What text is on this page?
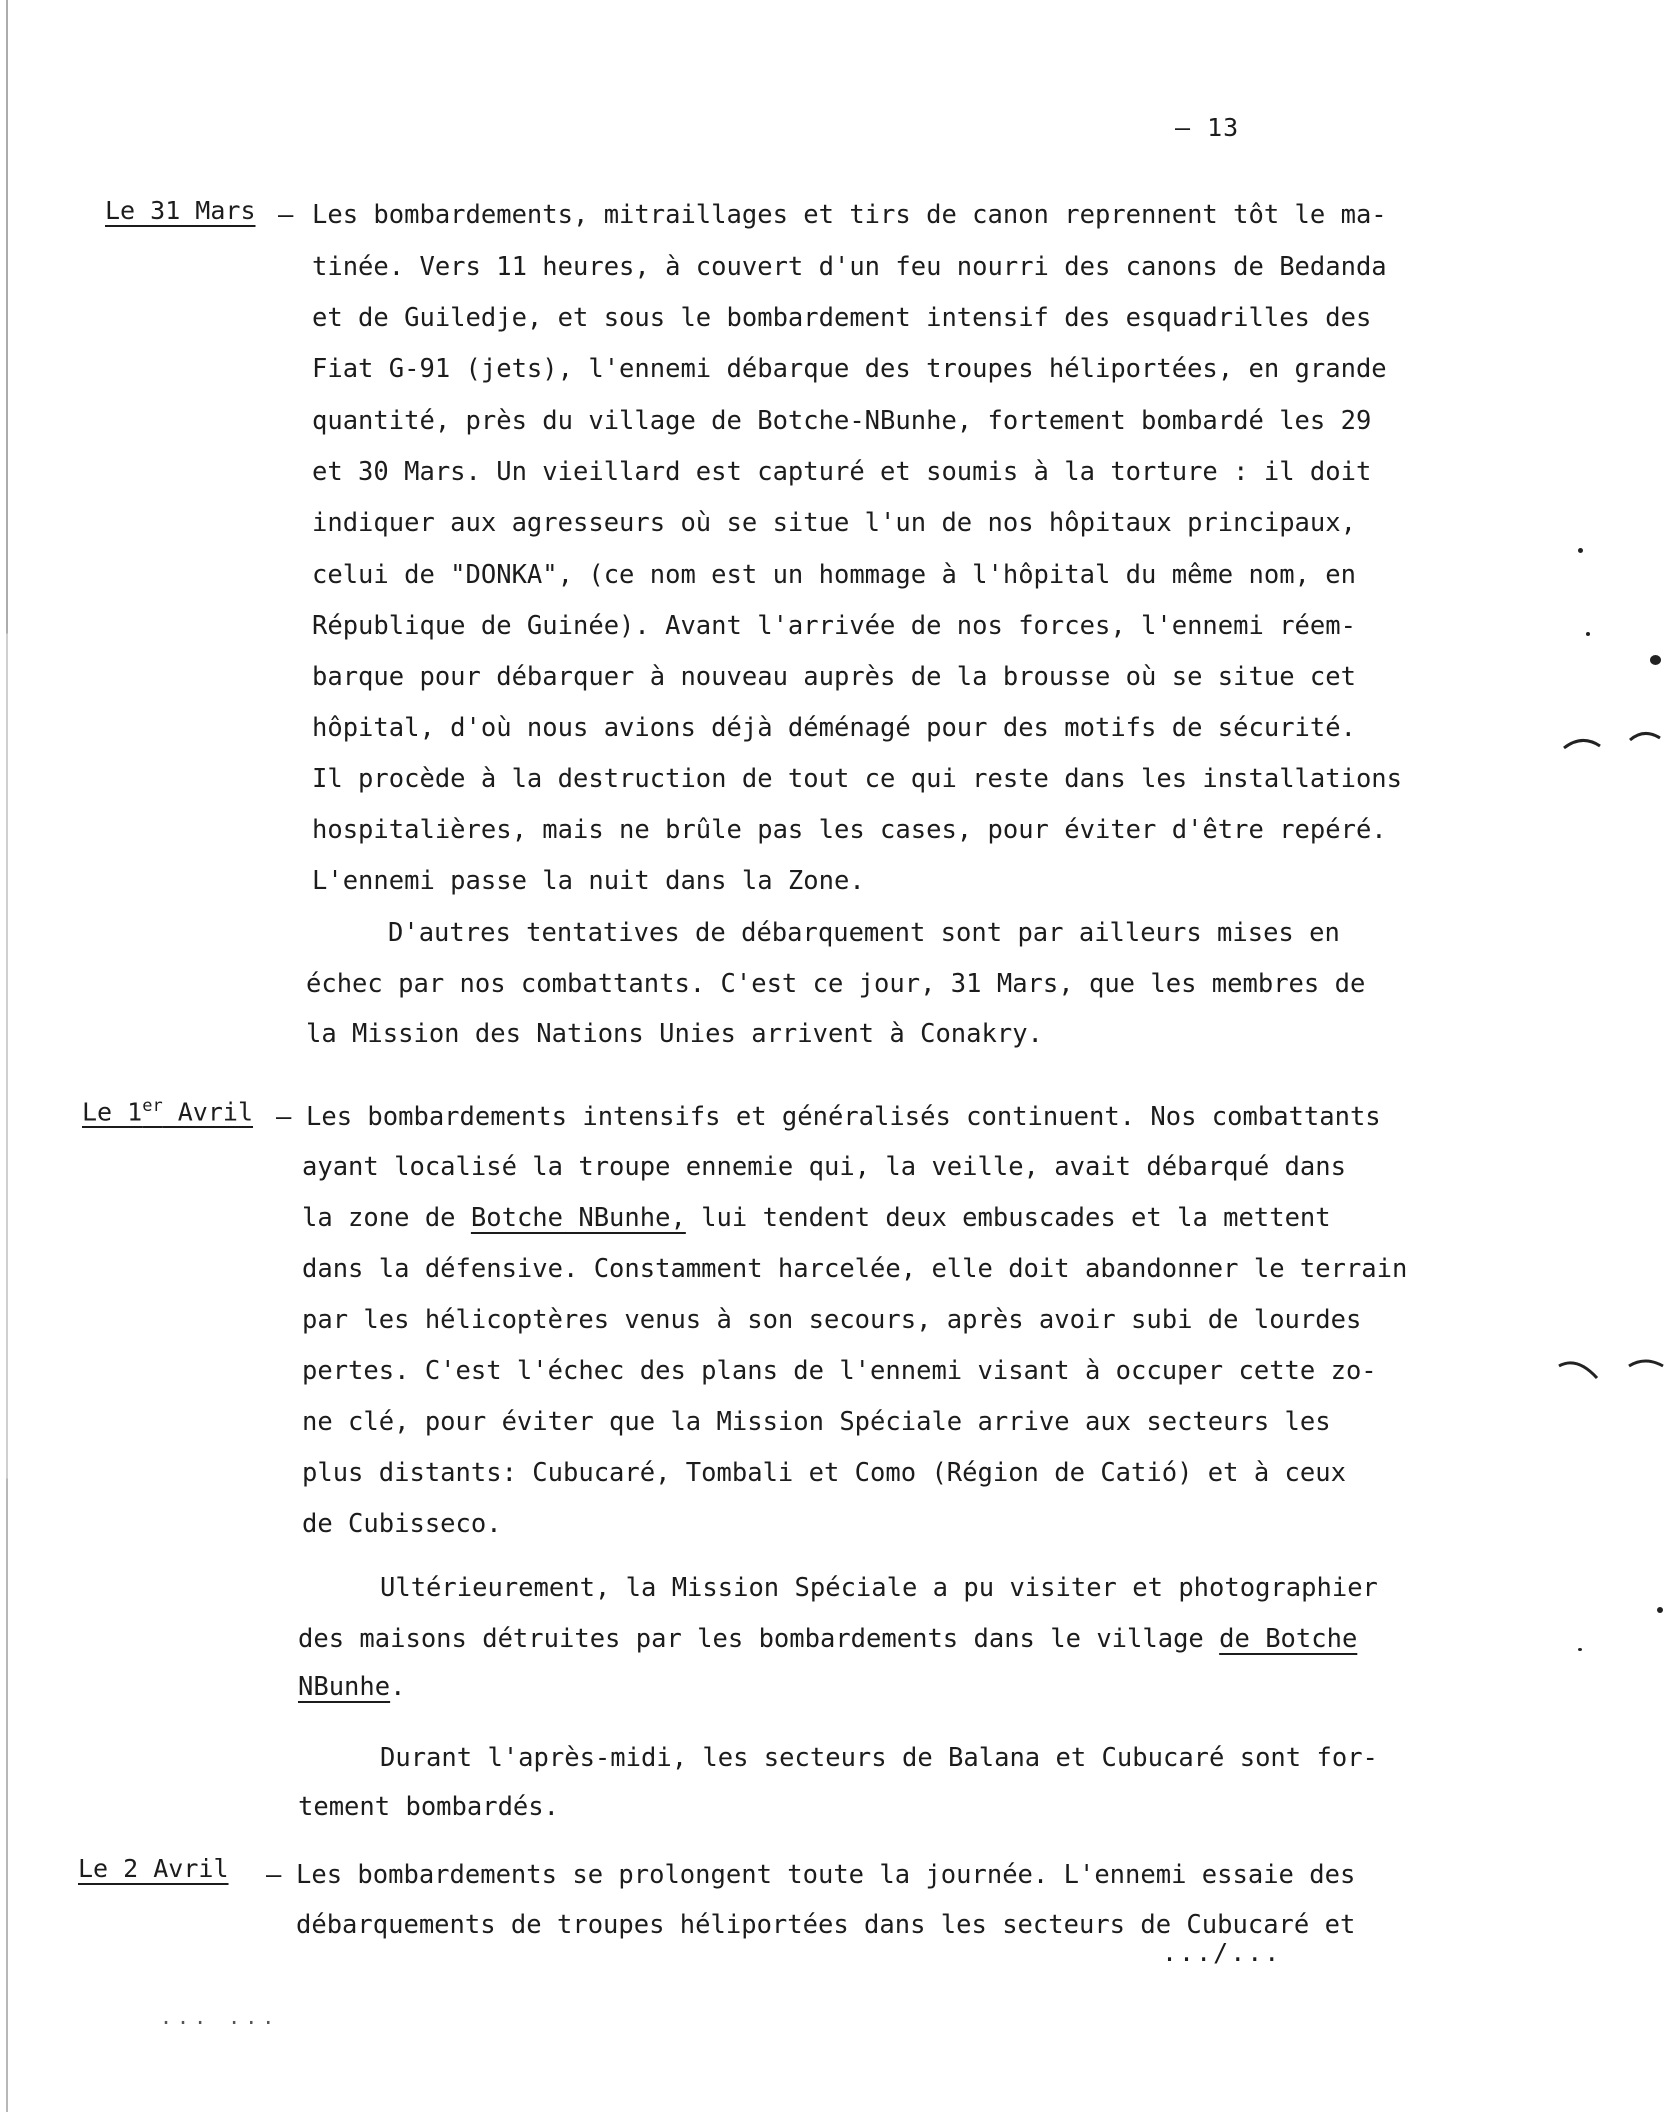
— 13
Le 31 Mars — Les bombardements, mitraillages et tirs de canon reprennent tôt le ma-
tinée. Vers 11 heures, à couvert d'un feu nourri des canons de Bedanda
et de Guiledje, et sous le bombardement intensif des esquadrilles des
Fiat G-91 (jets), l'ennemi débarque des troupes héliportées, en grande
quantité, près du village de Botche-NBunhe, fortement bombardé les 29
et 30 Mars. Un vieillard est capturé et soumis à la torture : il doit
indiquer aux agresseurs où se situe l'un de nos hôpitaux principaux,
celui de "DONKA", (ce nom est un hommage à l'hôpital du même nom, en
République de Guinée). Avant l'arrivée de nos forces, l'ennemi réem-
barque pour débarquer à nouveau auprès de la brousse où se situe cet
hôpital, d'où nous avions déjà déménagé pour des motifs de sécurité.
Il procède à la destruction de tout ce qui reste dans les installations
hospitalières, mais ne brûle pas les cases, pour éviter d'être repéré.
L'ennemi passe la nuit dans la Zone.
D'autres tentatives de débarquement sont par ailleurs mises en
échec par nos combattants. C'est ce jour, 31 Mars, que les membres de
la Mission des Nations Unies arrivent à Conakry.
Le 1er Avril — Les bombardements intensifs et généralisés continuent. Nos combattants
ayant localisé la troupe ennemie qui, la veille, avait débarqué dans
la zone de Botche NBunhe, lui tendent deux embuscades et la mettent
dans la défensive. Constamment harcelée, elle doit abandonner le terrain
par les hélicoptères venus à son secours, après avoir subi de lourdes
pertes. C'est l'échec des plans de l'ennemi visant à occuper cette zo-
ne clé, pour éviter que la Mission Spéciale arrive aux secteurs les
plus distants: Cubucaré, Tombali et Como (Région de Catió) et à ceux
de Cubisseco.
Ultérieurement, la Mission Spéciale a pu visiter et photographier
des maisons détruites par les bombardements dans le village de Botche
NBunhe.
Durant l'après-midi, les secteurs de Balana et Cubucaré sont for-
tement bombardés.
Le 2 Avril — Les bombardements se prolongent toute la journée. L'ennemi essaie des
débarquements de troupes héliportées dans les secteurs de Cubucaré et
.../...
... ...
